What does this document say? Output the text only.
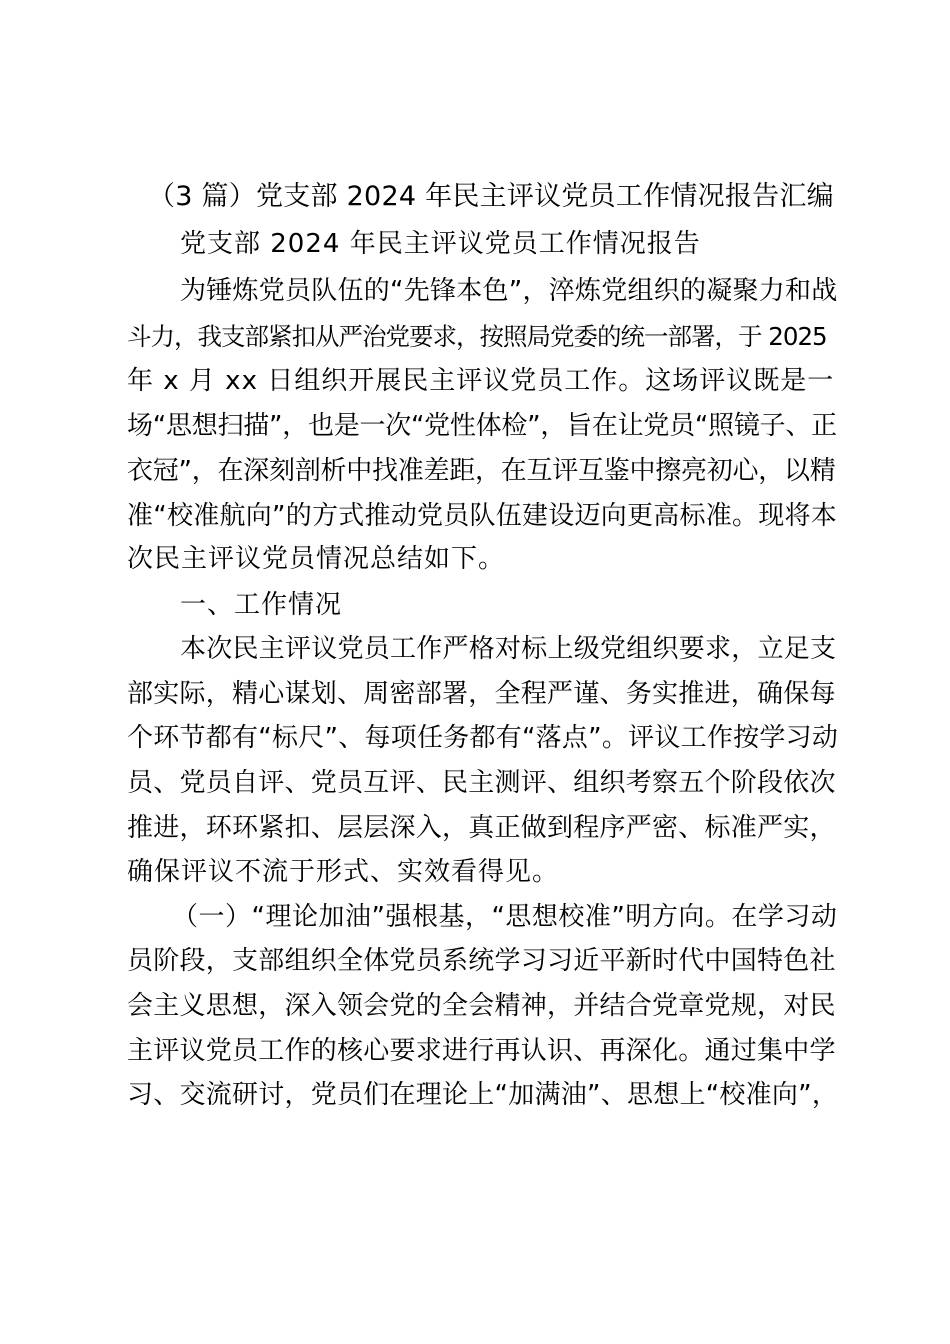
（3 篇）党支部 2024 年民主评议党员工作情况报告汇编
党支部 2024 年民主评议党员工作情况报告
为锤炼党员队伍的“先锋本色”，淬炼党组织的凝聚力和战
斗力，我支部紧扣从严治党要求，按照局党委的统一部署，于 2025
年 x 月 xx 日组织开展民主评议党员工作。这场评议既是一
场“思想扫描”，也是一次“党性体检”，旨在让党员“照镜子、正
衣冠”，在深刻剖析中找准差距，在互评互鉴中擦亮初心，以精
准“校准航向”的方式推动党员队伍建设迈向更高标准。现将本
次民主评议党员情况总结如下。
一、工作情况
本次民主评议党员工作严格对标上级党组织要求，立足支
部实际，精心谋划、周密部署，全程严谨、务实推进，确保每
个环节都有“标尺”、每项任务都有“落点”。评议工作按学习动
员、党员自评、党员互评、民主测评、组织考察五个阶段依次
推进，环环紧扣、层层深入，真正做到程序严密、标准严实，
确保评议不流于形式、实效看得见。
（一）“理论加油”强根基，“思想校准”明方向。在学习动
员阶段，支部组织全体党员系统学习习近平新时代中国特色社
会主义思想，深入领会党的全会精神，并结合党章党规，对民
主评议党员工作的核心要求进行再认识、再深化。通过集中学
习、交流研讨，党员们在理论上“加满油”、思想上“校准向”，
